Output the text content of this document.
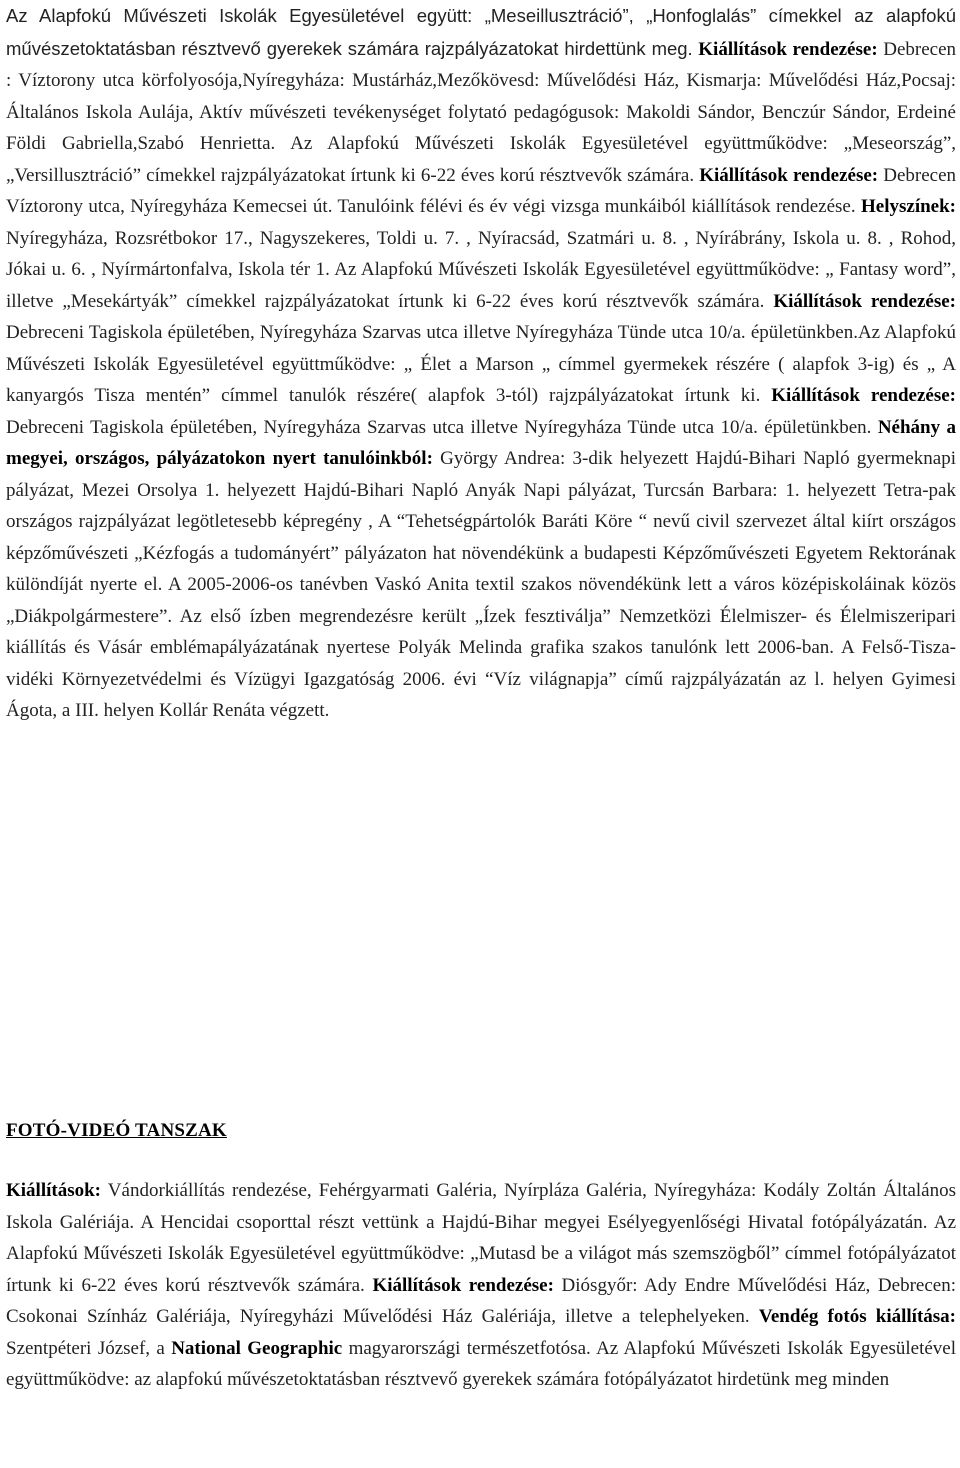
Az Alapfokú Művészeti Iskolák Egyesületével együtt: „Meseillusztráció”, „Honfoglalás” címekkel az alapfokú művészetoktatásban résztvevő gyerekek számára rajzpályázatokat hirdettünk meg. Kiállítások rendezése: Debrecen : Víztorony utca körfolyosója,Nyíregyháza: Mustárház,Mezőkövesd: Művelődési Ház, Kismarja: Művelődési Ház,Pocsaj: Általános Iskola Aulája, Aktív művészeti tevékenységet folytató pedagógusok: Makoldi Sándor, Benczúr Sándor, Erdeiné Földi Gabriella,Szabó Henrietta. Az Alapfokú Művészeti Iskolák Egyesületével együttműködve: „Meseország”, „Versillusztráció” címekkel rajzpályázatokat írtunk ki 6-22 éves korú résztvevők számára. Kiállítások rendezése: Debrecen Víztorony utca, Nyíregyháza Kemecsei út. Tanulóink félévi és év végi vizsga munkáiból kiállítások rendezése. Helyszínek: Nyíregyháza, Rozsrétbokor 17., Nagyszekeres, Toldi u. 7. , Nyíracsád, Szatmári u. 8. , Nyírábrány, Iskola u. 8. , Rohod, Jókai u. 6. , Nyírmártonfalva, Iskola tér 1. Az Alapfokú Művészeti Iskolák Egyesületével együttműködve: „ Fantasy word”, illetve „Mesekártyák” címekkel rajzpályázatokat írtunk ki 6-22 éves korú résztvevők számára. Kiállítások rendezése: Debreceni Tagiskola épületében, Nyíregyháza Szarvas utca illetve Nyíregyháza Tünde utca 10/a. épületünkben.Az Alapfokú Művészeti Iskolák Egyesületével együttműködve: „ Élet a Marson „ címmel gyermekek részére ( alapfok 3-ig) és „ A kanyargós Tisza mentén” címmel tanulók részére( alapfok 3-tól) rajzpályázatokat írtunk ki. Kiállítások rendezése: Debreceni Tagiskola épületében, Nyíregyháza Szarvas utca illetve Nyíregyháza Tünde utca 10/a. épületünkben. Néhány a megyei, országos, pályázatokon nyert tanulóinkból: György Andrea: 3-dik helyezett Hajdú-Bihari Napló gyermeknapi pályázat, Mezei Orsolya 1. helyezett Hajdú-Bihari Napló Anyák Napi pályázat, Turcsán Barbara: 1. helyezett Tetra-pak országos rajzpályázat legötletesebb képregény , A “Tehetségpártolók Baráti Köre “ nevű civil szervezet által kiírt országos képzőművészeti „Kézfogás a tudományért” pályázaton hat növendékünk a budapesti Képzőművészeti Egyetem Rektorának különdíját nyerte el. A 2005-2006-os tanévben Vaskó Anita textil szakos növendékünk lett a város középiskoláinak közös „Diákpolgármestere”. Az első ízben megrendezésre került „Ízek fesztiválja” Nemzetközi Élelmiszer- és Élelmiszeripari kiállítás és Vásár emblémapályázatának nyertese Polyák Melinda grafika szakos tanulónk lett 2006-ban. A Felső-Tisza-vidéki Környezetvédelmi és Vízügyi Igazgatóság 2006. évi “Víz világnapja” című rajzpályázatán az l. helyen Gyimesi Ágota, a III. helyen Kollár Renáta végzett.

FOTÓ-VIDEÓ TANSZAK

Kiállítások: Vándorkiállítás rendezése, Fehérgyarmati Galéria, Nyírpláza Galéria, Nyíregyháza: Kodály Zoltán Általános Iskola Galériája. A Hencidai csoporttal részt vettünk a Hajdú-Bihar megyei Esélyegyenlőségi Hivatal fotópályázatán. Az Alapfokú Művészeti Iskolák Egyesületével együttműködve: „Mutasd be a világot más szemszögből” címmel fotópályázatot írtunk ki 6-22 éves korú résztvevők számára. Kiállítások rendezése: Diósgyőr: Ady Endre Művelődési Ház, Debrecen: Csokonai Színház Galériája, Nyíregyházi Művelődési Ház Galériája, illetve a telephelyeken. Vendég fotós kiállítása: Szentpéteri József, a National Geographic magyarországi természetfotósa. Az Alapfokú Művészeti Iskolák Egyesületével együttműködve: az alapfokú művészetoktatásban résztvevő gyerekek számára fotópályázatot hirdetünk meg minden
